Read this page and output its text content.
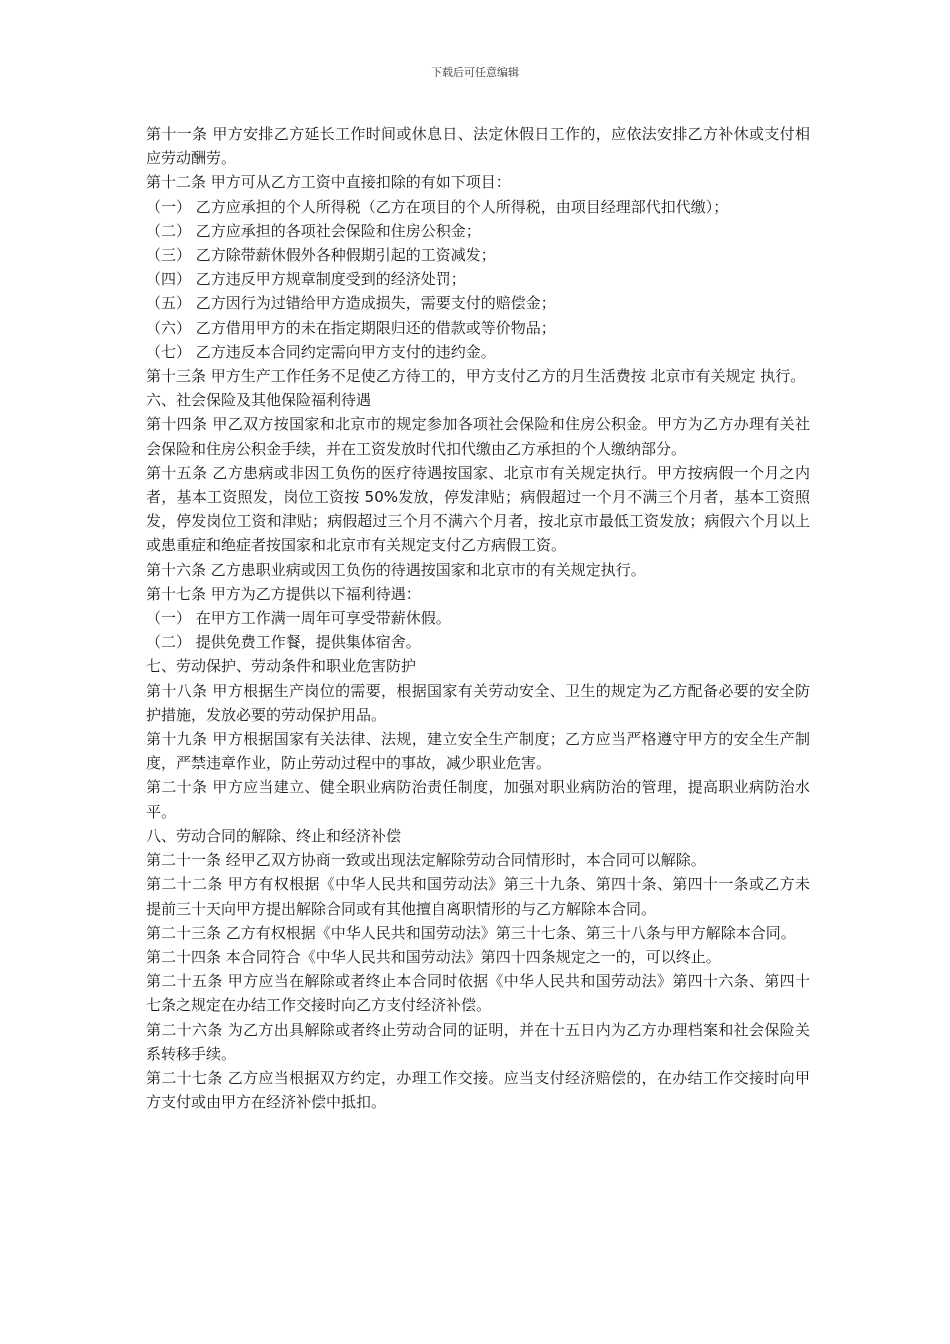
下载后可任意编辑

第十一条 甲方安排乙方延长工作时间或休息日、法定休假日工作的，应依法安排乙方补休或支付相应劳动酬劳。

第十二条 甲方可从乙方工资中直接扣除的有如下项目：

（一） 乙方应承担的个人所得税（乙方在项目的个人所得税，由项目经理部代扣代缴）；

（二） 乙方应承担的各项社会保险和住房公积金；

（三） 乙方除带薪休假外各种假期引起的工资减发；

（四） 乙方违反甲方规章制度受到的经济处罚；

（五） 乙方因行为过错给甲方造成损失，需要支付的赔偿金；

（六） 乙方借用甲方的未在指定期限归还的借款或等价物品；

（七） 乙方违反本合同约定需向甲方支付的违约金。

第十三条 甲方生产工作任务不足使乙方待工的，甲方支付乙方的月生活费按 北京市有关规定 执行。

六、社会保险及其他保险福利待遇

第十四条 甲乙双方按国家和北京市的规定参加各项社会保险和住房公积金。甲方为乙方办理有关社会保险和住房公积金手续，并在工资发放时代扣代缴由乙方承担的个人缴纳部分。

第十五条 乙方患病或非因工负伤的医疗待遇按国家、北京市有关规定执行。甲方按病假一个月之内者，基本工资照发，岗位工资按 50%发放，停发津贴；病假超过一个月不满三个月者，基本工资照发，停发岗位工资和津贴；病假超过三个月不满六个月者，按北京市最低工资发放；病假六个月以上或患重症和绝症者按国家和北京市有关规定支付乙方病假工资。

第十六条 乙方患职业病或因工负伤的待遇按国家和北京市的有关规定执行。

第十七条 甲方为乙方提供以下福利待遇：

（一） 在甲方工作满一周年可享受带薪休假。

（二） 提供免费工作餐，提供集体宿舍。

七、劳动保护、劳动条件和职业危害防护

第十八条 甲方根据生产岗位的需要，根据国家有关劳动安全、卫生的规定为乙方配备必要的安全防护措施，发放必要的劳动保护用品。

第十九条 甲方根据国家有关法律、法规，建立安全生产制度；乙方应当严格遵守甲方的安全生产制度，严禁违章作业，防止劳动过程中的事故，减少职业危害。

第二十条 甲方应当建立、健全职业病防治责任制度，加强对职业病防治的管理，提高职业病防治水平。

八、劳动合同的解除、终止和经济补偿

第二十一条 经甲乙双方协商一致或出现法定解除劳动合同情形时，本合同可以解除。

第二十二条 甲方有权根据《中华人民共和国劳动法》第三十九条、第四十条、第四十一条或乙方未提前三十天向甲方提出解除合同或有其他擅自离职情形的与乙方解除本合同。

第二十三条 乙方有权根据《中华人民共和国劳动法》第三十七条、第三十八条与甲方解除本合同。

第二十四条 本合同符合《中华人民共和国劳动法》第四十四条规定之一的，可以终止。

第二十五条 甲方应当在解除或者终止本合同时依据《中华人民共和国劳动法》第四十六条、第四十七条之规定在办结工作交接时向乙方支付经济补偿。

第二十六条 为乙方出具解除或者终止劳动合同的证明，并在十五日内为乙方办理档案和社会保险关系转移手续。

第二十七条 乙方应当根据双方约定，办理工作交接。应当支付经济赔偿的，在办结工作交接时向甲方支付或由甲方在经济补偿中抵扣。
